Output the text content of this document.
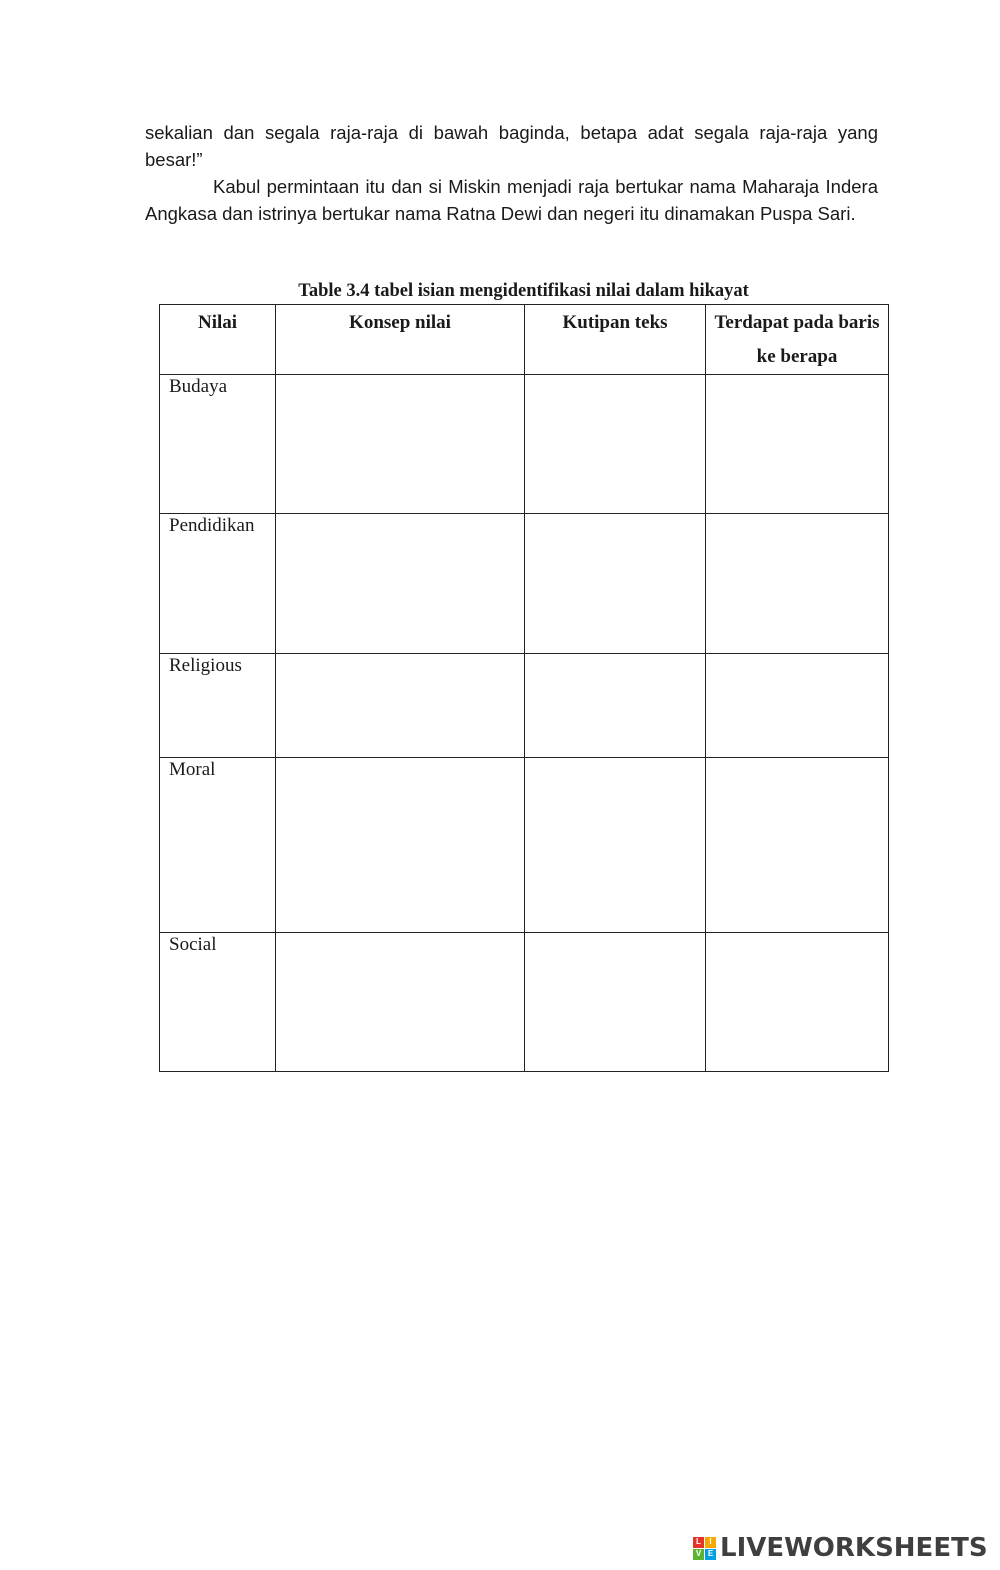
sekalian dan segala raja-raja di bawah baginda, betapa adat segala raja-raja yang besar!”

Kabul permintaan itu dan si Miskin menjadi raja bertukar nama Maharaja Indera Angkasa dan istrinya bertukar nama Ratna Dewi dan negeri itu dinamakan Puspa Sari.

Table 3.4 tabel isian mengidentifikasi nilai dalam hikayat

Nilai	Konsep nilai	Kutipan teks	Terdapat pada baris ke berapa
Budaya			
Pendidikan			
Religious			
Moral			
Social			
L	I
V E LIVEWORKSHEETS
